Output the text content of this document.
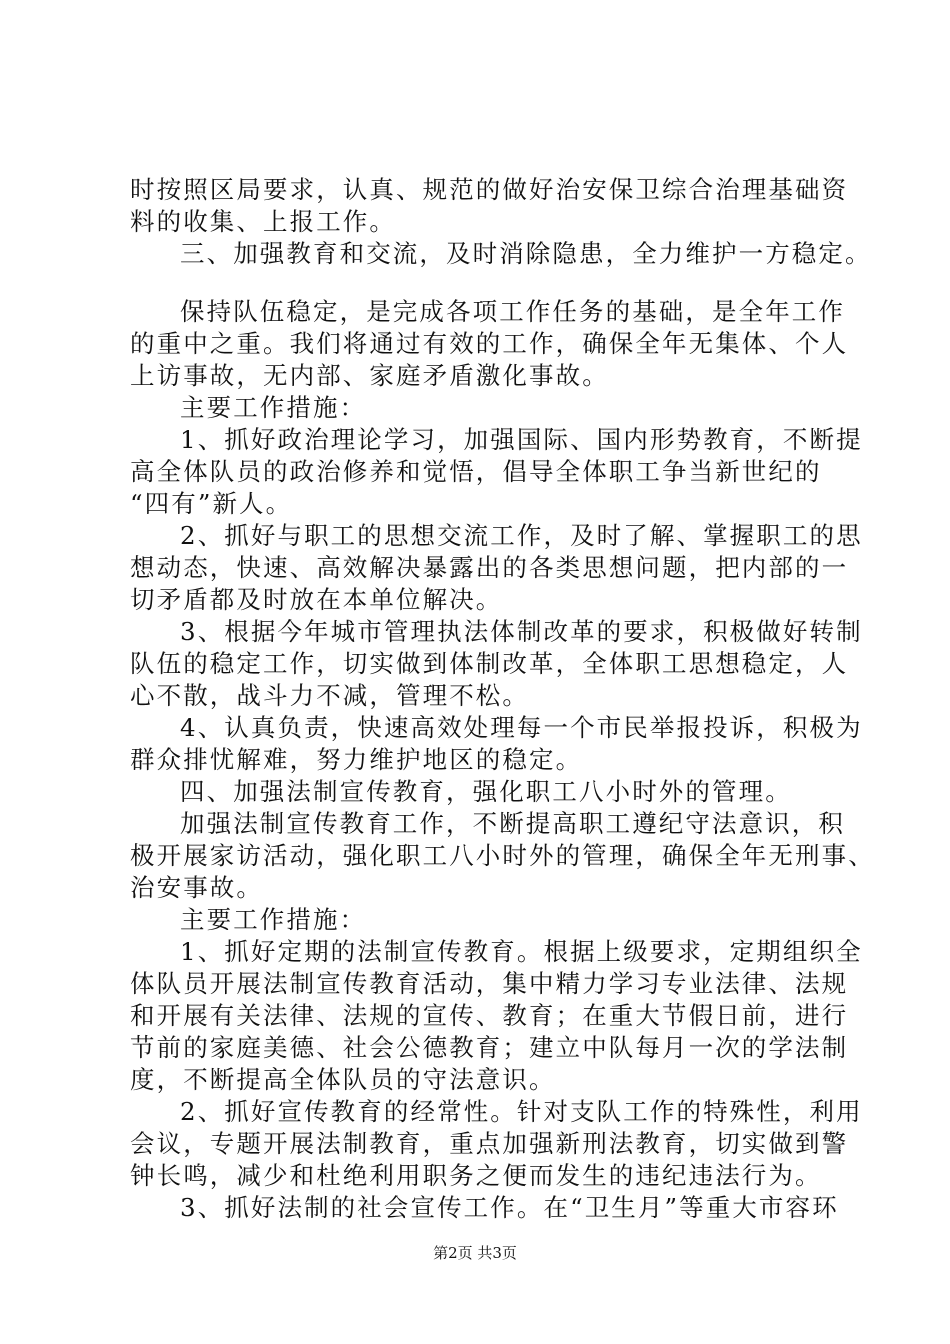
时按照区局要求，认真、规范的做好治安保卫综合治理基础资
料的收集、上报工作。
三、加强教育和交流，及时消除隐患，全力维护一方稳定。
保持队伍稳定，是完成各项工作任务的基础，是全年工作
的重中之重。我们将通过有效的工作，确保全年无集体、个人
上访事故，无内部、家庭矛盾激化事故。
主要工作措施：
1、抓好政治理论学习，加强国际、国内形势教育，不断提
高全体队员的政治修养和觉悟，倡导全体职工争当新世纪的
“四有”新人。
2、抓好与职工的思想交流工作，及时了解、掌握职工的思
想动态，快速、高效解决暴露出的各类思想问题，把内部的一
切矛盾都及时放在本单位解决。
3、根据今年城市管理执法体制改革的要求，积极做好转制
队伍的稳定工作，切实做到体制改革，全体职工思想稳定，人
心不散，战斗力不减，管理不松。
4、认真负责，快速高效处理每一个市民举报投诉，积极为
群众排忧解难，努力维护地区的稳定。
四、加强法制宣传教育，强化职工八小时外的管理。
加强法制宣传教育工作，不断提高职工遵纪守法意识，积
极开展家访活动，强化职工八小时外的管理，确保全年无刑事、
治安事故。
主要工作措施：
1、抓好定期的法制宣传教育。根据上级要求，定期组织全
体队员开展法制宣传教育活动，集中精力学习专业法律、法规
和开展有关法律、法规的宣传、教育；在重大节假日前，进行
节前的家庭美德、社会公德教育；建立中队每月一次的学法制
度，不断提高全体队员的守法意识。
2、抓好宣传教育的经常性。针对支队工作的特殊性，利用
会议，专题开展法制教育，重点加强新刑法教育，切实做到警
钟长鸣，减少和杜绝利用职务之便而发生的违纪违法行为。
3、抓好法制的社会宣传工作。在“卫生月”等重大市容环
第2页 共3页
